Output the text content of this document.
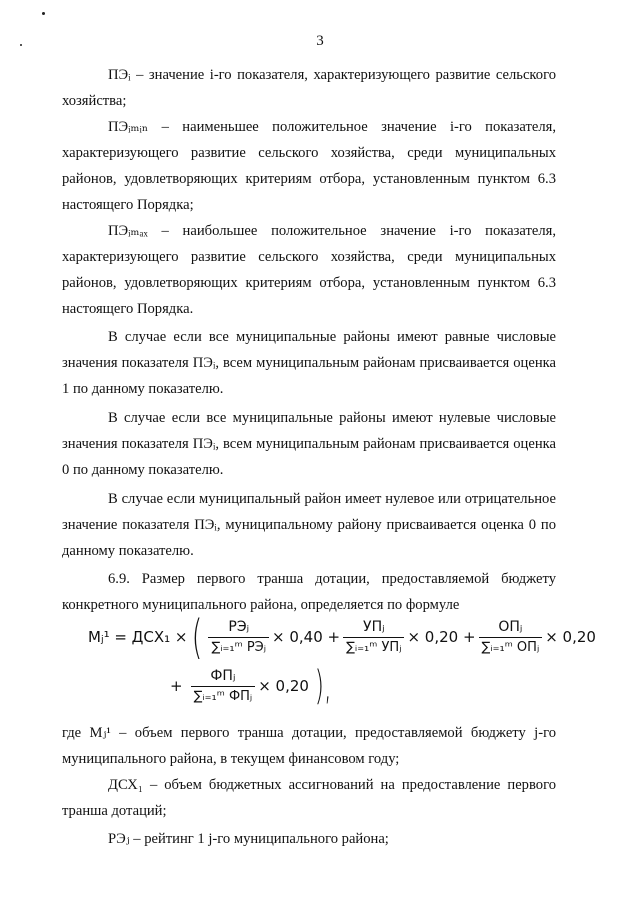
3

ПЭᵢ – значение i-го показателя, характеризующего развитие сельского хозяйства;

ПЭᵢₘᵢₙ – наименьшее положительное значение i-го показателя, характеризующего развитие сельского хозяйства, среди муниципальных районов, удовлетворяющих критериям отбора, установленным пунктом 6.3 настоящего Порядка;

ПЭᵢₘₐₓ – наибольшее положительное значение i-го показателя, характеризующего развитие сельского хозяйства, среди муниципальных районов, удовлетворяющих критериям отбора, установленным пунктом 6.3 настоящего Порядка.

В случае если все муниципальные районы имеют равные числовые значения показателя ПЭᵢ, всем муниципальным районам присваивается оценка 1 по данному показателю.

В случае если все муниципальные районы имеют нулевые числовые значения показателя ПЭᵢ, всем муниципальным районам присваивается оценка 0 по данному показателю.

В случае если муниципальный район имеет нулевое или отрицательное значение показателя ПЭᵢ, муниципальному району присваивается оценка 0 по данному показателю.

6.9. Размер первого транша дотации, предоставляемой бюджету конкретного муниципального района, определяется по формуле

Mⱼ¹ = ДСХ₁ × ( $\frac{\text{РЭⱼ}}{\text{∑ᵢ₌₁ᵐ РЭⱼ}} \times 0,40 + \frac{\text{УПⱼ}}{\text{∑ᵢ₌₁ᵐ УПⱼ}} \times 0,20 + \frac{\text{ОПⱼ}}{\text{∑ᵢ₌₁ᵐ ОПⱼ}} \times 0,20$
+ $\frac{\text{ФПⱼ}}{\text{∑ᵢ₌₁ᵐ ФПⱼ}} \times 0,20$ ),

где Mⱼ¹ – объем первого транша дотации, предоставляемой бюджету j-го муниципального района, в текущем финансовом году;

ДСХ₁ – объем бюджетных ассигнований на предоставление первого транша дотаций;

РЭⱼ – рейтинг 1 j-го муниципального района;
